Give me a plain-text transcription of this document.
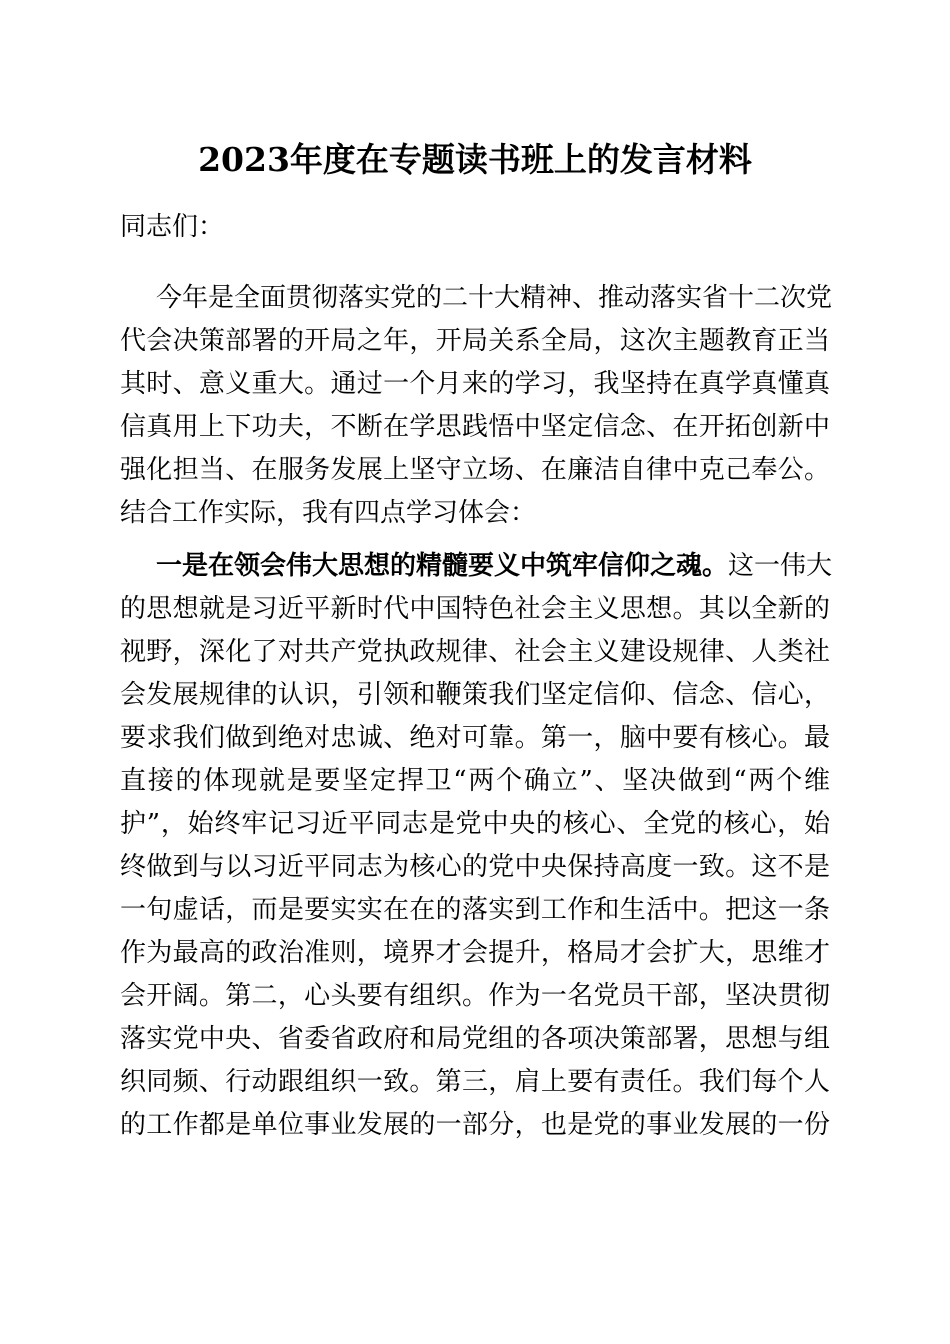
2023年度在专题读书班上的发言材料

同志们：

今年是全面贯彻落实党的二十大精神、推动落实省十二次党

代会决策部署的开局之年，开局关系全局，这次主题教育正当

其时、意义重大。通过一个月来的学习，我坚持在真学真懂真

信真用上下功夫，不断在学思践悟中坚定信念、在开拓创新中

强化担当、在服务发展上坚守立场、在廉洁自律中克己奉公。

结合工作实际，我有四点学习体会：

一是在领会伟大思想的精髓要义中筑牢信仰之魂。这一伟大

的思想就是习近平新时代中国特色社会主义思想。其以全新的

视野，深化了对共产党执政规律、社会主义建设规律、人类社

会发展规律的认识，引领和鞭策我们坚定信仰、信念、信心，

要求我们做到绝对忠诚、绝对可靠。第一，脑中要有核心。最

直接的体现就是要坚定捍卫“两个确立”、坚决做到“两个维

护”，始终牢记习近平同志是党中央的核心、全党的核心，始

终做到与以习近平同志为核心的党中央保持高度一致。这不是

一句虚话，而是要实实在在的落实到工作和生活中。把这一条

作为最高的政治准则，境界才会提升，格局才会扩大，思维才

会开阔。第二，心头要有组织。作为一名党员干部，坚决贯彻

落实党中央、省委省政府和局党组的各项决策部署，思想与组

织同频、行动跟组织一致。第三，肩上要有责任。我们每个人

的工作都是单位事业发展的一部分，也是党的事业发展的一份
